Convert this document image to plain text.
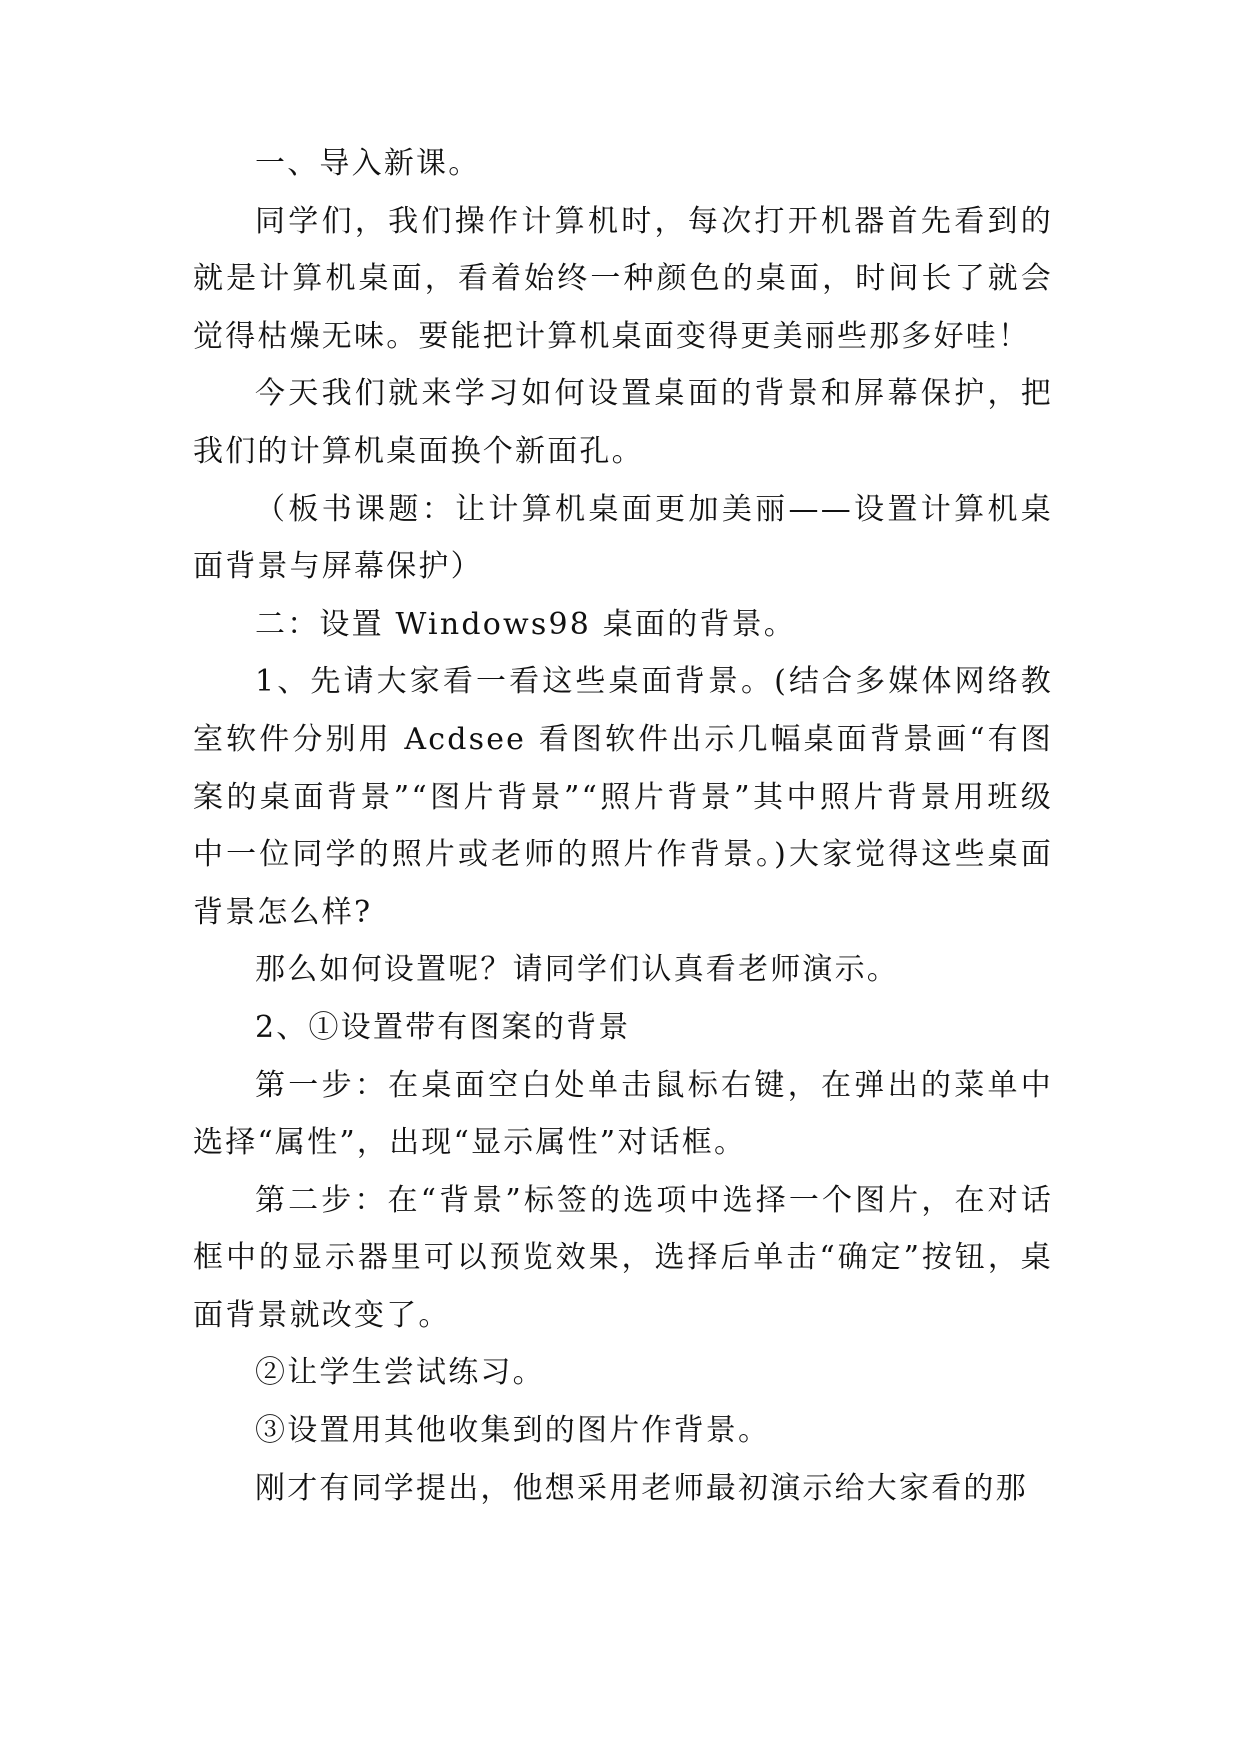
一、导入新课。

同学们，我们操作计算机时，每次打开机器首先看到的就是计算机桌面，看着始终一种颜色的桌面，时间长了就会觉得枯燥无味。要能把计算机桌面变得更美丽些那多好哇！

今天我们就来学习如何设置桌面的背景和屏幕保护，把我们的计算机桌面换个新面孔。

（板书课题：让计算机桌面更加美丽——设置计算机桌面背景与屏幕保护）

二：设置 Windows98 桌面的背景。

1、先请大家看一看这些桌面背景。(结合多媒体网络教室软件分别用 Acdsee 看图软件出示几幅桌面背景画“有图案的桌面背景”“图片背景”“照片背景”其中照片背景用班级中一位同学的照片或老师的照片作背景。)大家觉得这些桌面背景怎么样?

那么如何设置呢？请同学们认真看老师演示。

2、①设置带有图案的背景

第一步：在桌面空白处单击鼠标右键，在弹出的菜单中选择“属性”，出现“显示属性”对话框。

第二步：在“背景”标签的选项中选择一个图片，在对话框中的显示器里可以预览效果，选择后单击“确定”按钮，桌面背景就改变了。

②让学生尝试练习。

③设置用其他收集到的图片作背景。

刚才有同学提出，他想采用老师最初演示给大家看的那
